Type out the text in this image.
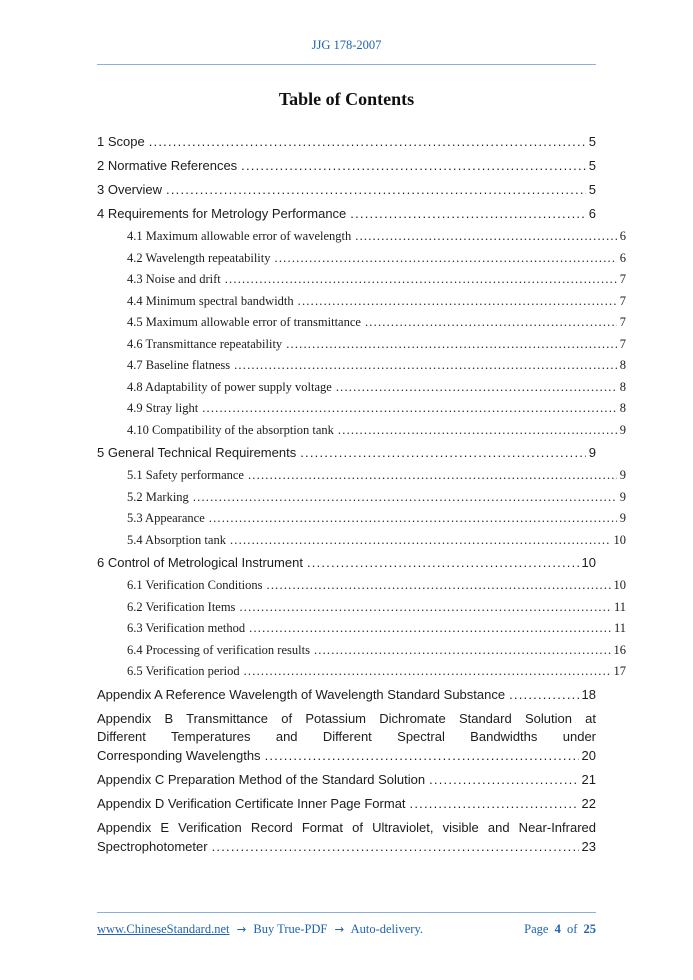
JJG 178-2007
Table of Contents
1 Scope .....	5
2 Normative References .....	5
3 Overview .....	5
4 Requirements for Metrology Performance .....	6
4.1 Maximum allowable error of wavelength .....	6
4.2 Wavelength repeatability .....	6
4.3 Noise and drift .....	7
4.4 Minimum spectral bandwidth .....	7
4.5 Maximum allowable error of transmittance .....	7
4.6 Transmittance repeatability .....	7
4.7 Baseline flatness .....	8
4.8 Adaptability of power supply voltage .....	8
4.9 Stray light .....	8
4.10 Compatibility of the absorption tank .....	9
5 General Technical Requirements .....	9
5.1 Safety performance .....	9
5.2 Marking .....	9
5.3 Appearance .....	9
5.4 Absorption tank .....	10
6 Control of Metrological Instrument .....	10
6.1 Verification Conditions .....	10
6.2 Verification Items .....	11
6.3 Verification method .....	11
6.4 Processing of verification results .....	16
6.5 Verification period .....	17
Appendix A Reference Wavelength of Wavelength Standard Substance .....	18
Appendix B Transmittance of Potassium Dichromate Standard Solution at
Different Temperatures and Different Spectral Bandwidths under
Corresponding Wavelengths .....	20
Appendix C Preparation Method of the Standard Solution .....	21
Appendix D Verification Certificate Inner Page Format .....	22
Appendix E Verification Record Format of Ultraviolet, visible and Near-Infrared
Spectrophotometer .....	23
www.ChineseStandard.net → Buy True-PDF → Auto-delivery.	Page 4 of 25
